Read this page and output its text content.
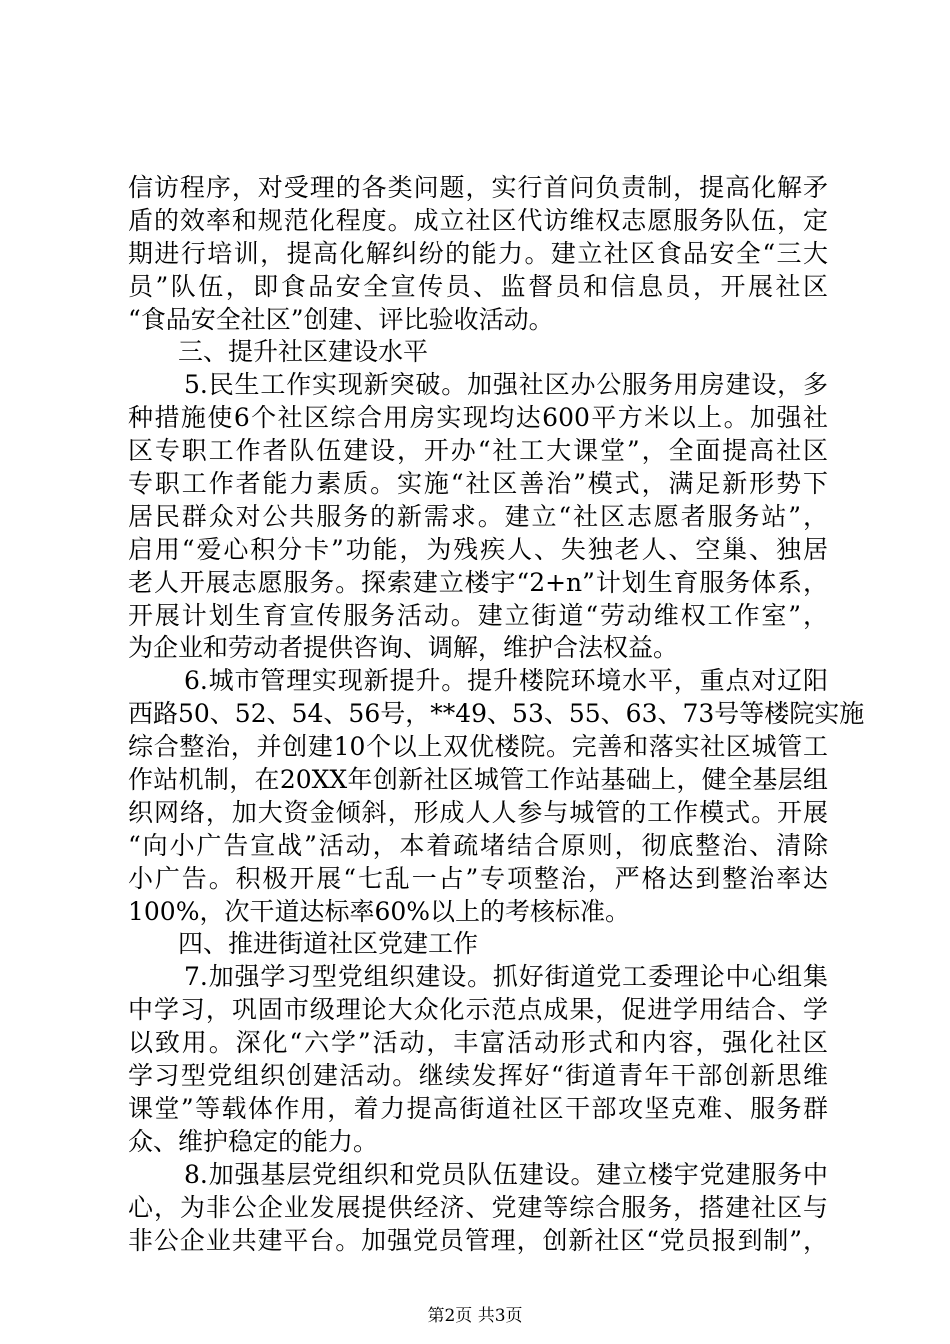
信访程序，对受理的各类问题，实行首问负责制，提高化解矛
盾的效率和规范化程度。成立社区代访维权志愿服务队伍，定
期进行培训，提高化解纠纷的能力。建立社区食品安全“三大
员”队伍，即食品安全宣传员、监督员和信息员，开展社区
“食品安全社区”创建、评比验收活动。
三、提升社区建设水平
5.民生工作实现新突破。加强社区办公服务用房建设，多
种措施使6个社区综合用房实现均达600平方米以上。加强社
区专职工作者队伍建设，开办“社工大课堂”，全面提高社区
专职工作者能力素质。实施“社区善治”模式，满足新形势下
居民群众对公共服务的新需求。建立“社区志愿者服务站”，
启用“爱心积分卡”功能，为残疾人、失独老人、空巢、独居
老人开展志愿服务。探索建立楼宇“2+n”计划生育服务体系，
开展计划生育宣传服务活动。建立街道“劳动维权工作室”，
为企业和劳动者提供咨询、调解，维护合法权益。
6.城市管理实现新提升。提升楼院环境水平，重点对辽阳
西路50、52、54、56号，**49、53、55、63、73号等楼院实施
综合整治，并创建10个以上双优楼院。完善和落实社区城管工
作站机制，在20XX年创新社区城管工作站基础上，健全基层组
织网络，加大资金倾斜，形成人人参与城管的工作模式。开展
“向小广告宣战”活动，本着疏堵结合原则，彻底整治、清除
小广告。积极开展“七乱一占”专项整治，严格达到整治率达
100%，次干道达标率60%以上的考核标准。
四、推进街道社区党建工作
7.加强学习型党组织建设。抓好街道党工委理论中心组集
中学习，巩固市级理论大众化示范点成果，促进学用结合、学
以致用。深化“六学”活动，丰富活动形式和内容，强化社区
学习型党组织创建活动。继续发挥好“街道青年干部创新思维
课堂”等载体作用，着力提高街道社区干部攻坚克难、服务群
众、维护稳定的能力。
8.加强基层党组织和党员队伍建设。建立楼宇党建服务中
心，为非公企业发展提供经济、党建等综合服务，搭建社区与
非公企业共建平台。加强党员管理，创新社区“党员报到制”，
第2页 共3页
